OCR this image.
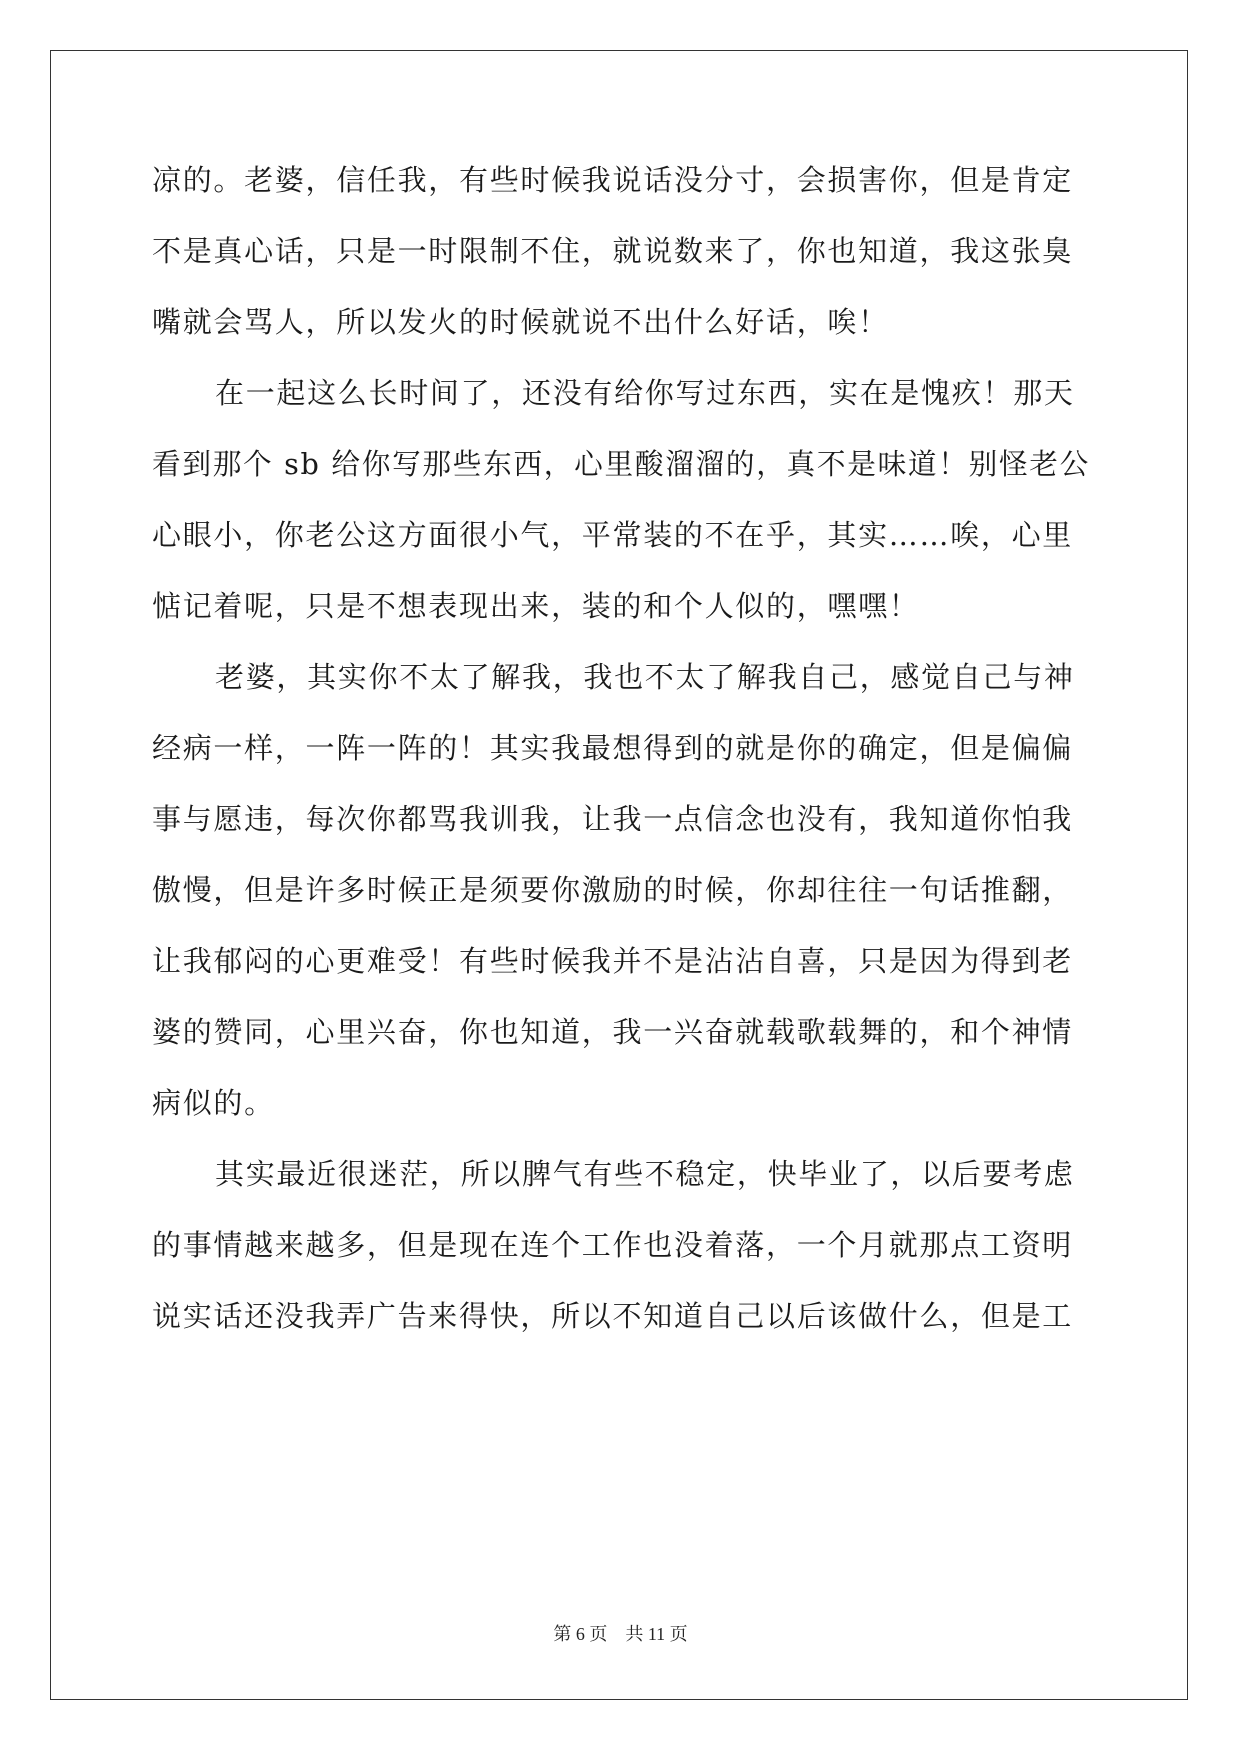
凉的。老婆，信任我，有些时候我说话没分寸，会损害你，但是肯定
不是真心话，只是一时限制不住，就说数来了，你也知道，我这张臭
嘴就会骂人，所以发火的时候就说不出什么好话，唉！
在一起这么长时间了，还没有给你写过东西，实在是愧疚！那天
看到那个 sb 给你写那些东西，心里酸溜溜的，真不是味道！别怪老公
心眼小，你老公这方面很小气，平常装的不在乎，其实……唉，心里
惦记着呢，只是不想表现出来，装的和个人似的，嘿嘿！
老婆，其实你不太了解我，我也不太了解我自己，感觉自己与神
经病一样，一阵一阵的！其实我最想得到的就是你的确定，但是偏偏
事与愿违，每次你都骂我训我，让我一点信念也没有，我知道你怕我
傲慢，但是许多时候正是须要你激励的时候，你却往往一句话推翻，
让我郁闷的心更难受！有些时候我并不是沾沾自喜，只是因为得到老
婆的赞同，心里兴奋，你也知道，我一兴奋就载歌载舞的，和个神情
病似的。
其实最近很迷茫，所以脾气有些不稳定，快毕业了，以后要考虑
的事情越来越多，但是现在连个工作也没着落，一个月就那点工资明
说实话还没我弄广告来得快，所以不知道自己以后该做什么，但是工
第 6 页 共 11 页
